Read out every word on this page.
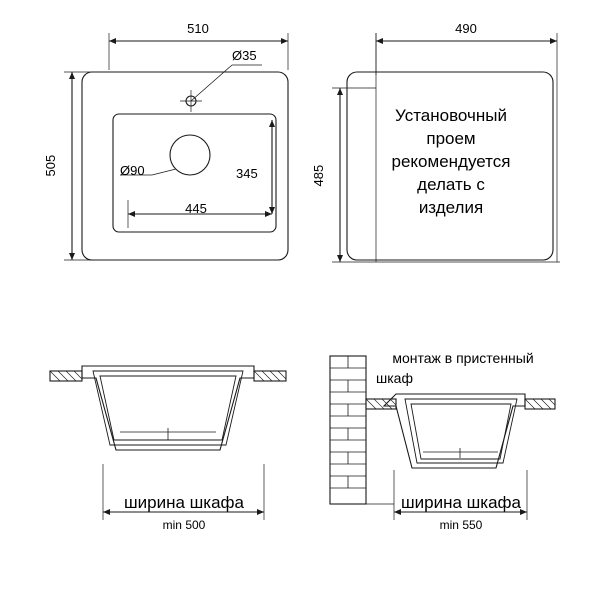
510
505
Ø35
Ø90
445
345
490
485
Установочный
проем
рекомендуется
делать с
изделия
ширина шкафа
min 500
монтаж в пристенный
шкаф
ширина шкафа
min 550
